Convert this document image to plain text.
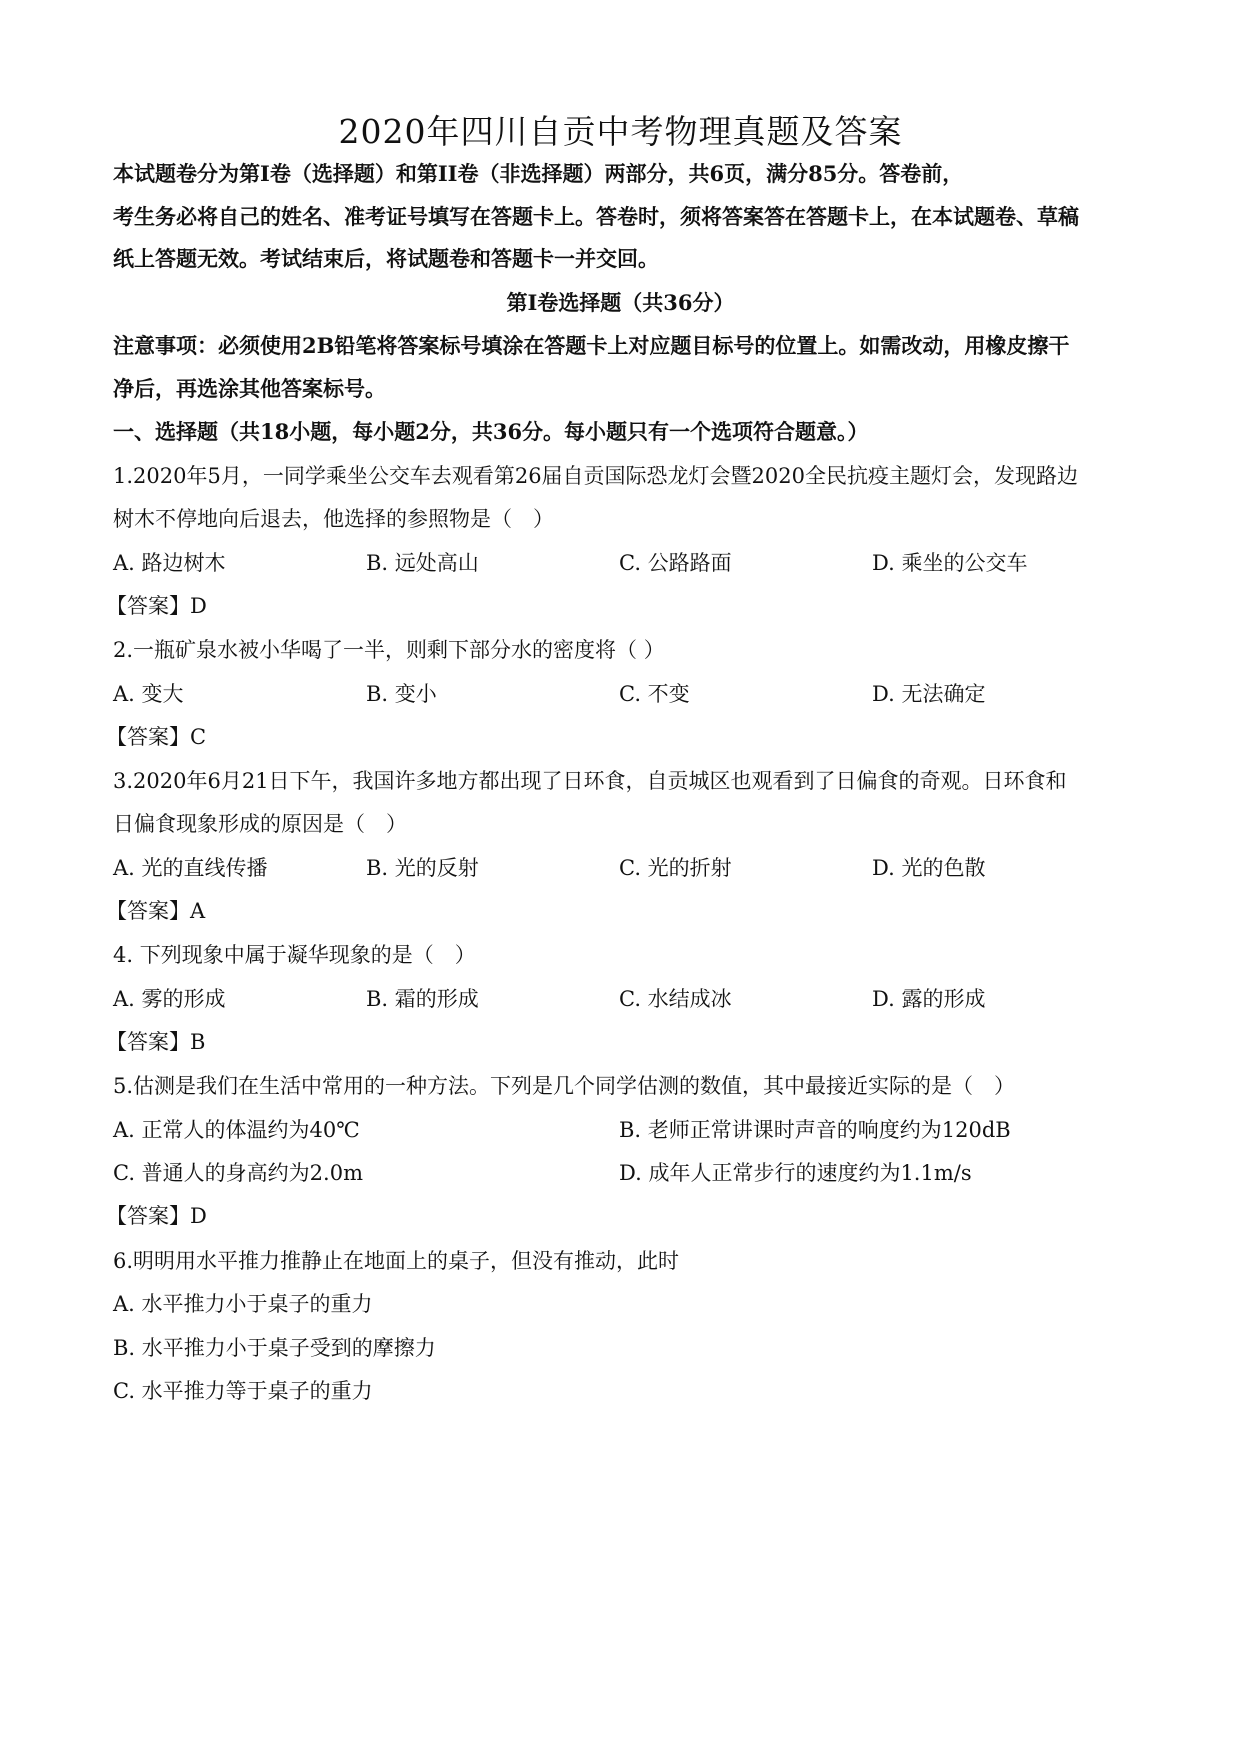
2020年四川自贡中考物理真题及答案
本试题卷分为第I卷（选择题）和第II卷（非选择题）两部分，共6页，满分85分。答卷前，
考生务必将自己的姓名、准考证号填写在答题卡上。答卷时，须将答案答在答题卡上，在本试题卷、草稿
纸上答题无效。考试结束后，将试题卷和答题卡一并交回。
第I卷选择题（共36分）
注意事项：必须使用2B铅笔将答案标号填涂在答题卡上对应题目标号的位置上。如需改动，用橡皮擦干
净后，再选涂其他答案标号。
一、选择题（共18小题，每小题2分，共36分。每小题只有一个选项符合题意。）
1.2020年5月，一同学乘坐公交车去观看第26届自贡国际恐龙灯会暨2020全民抗疫主题灯会，发现路边
树木不停地向后退去，他选择的参照物是（　）
A. 路边树木	B. 远处高山	C. 公路路面	D. 乘坐的公交车
【答案】D
2.一瓶矿泉水被小华喝了一半，则剩下部分水的密度将（ ）
A. 变大	B. 变小	C. 不变	D. 无法确定
【答案】C
3.2020年6月21日下午，我国许多地方都出现了日环食，自贡城区也观看到了日偏食的奇观。日环食和
日偏食现象形成的原因是（　）
A. 光的直线传播	B. 光的反射	C. 光的折射	D. 光的色散
【答案】A
4. 下列现象中属于凝华现象的是（　）
A. 雾的形成	B. 霜的形成	C. 水结成冰	D. 露的形成
【答案】B
5.估测是我们在生活中常用的一种方法。下列是几个同学估测的数值，其中最接近实际的是（　）
A. 正常人的体温约为40℃	B. 老师正常讲课时声音的响度约为120dB
C. 普通人的身高约为2.0m	D. 成年人正常步行的速度约为1.1m/s
【答案】D
6.明明用水平推力推静止在地面上的桌子，但没有推动，此时
A. 水平推力小于桌子的重力
B. 水平推力小于桌子受到的摩擦力
C. 水平推力等于桌子的重力
